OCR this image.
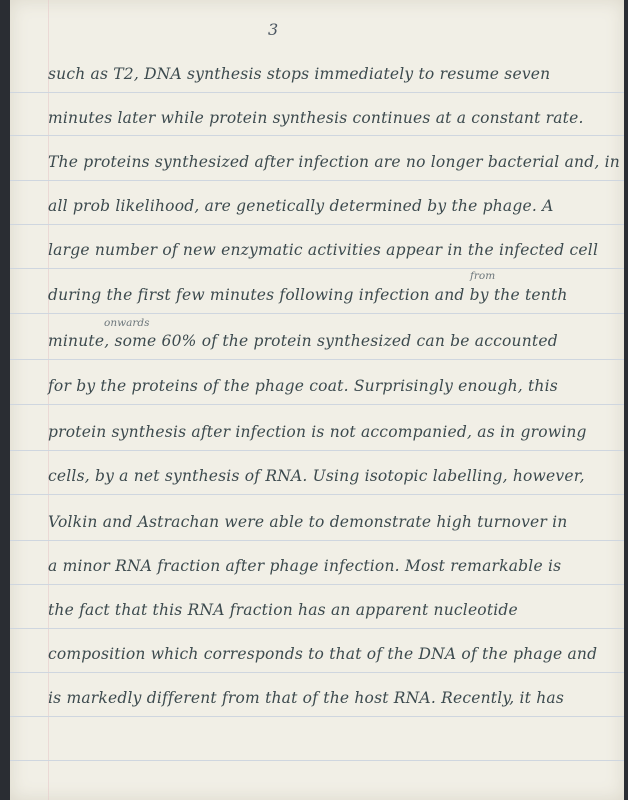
3
such as T2, DNA synthesis stops immediately to resume seven
minutes later while protein synthesis continues at a constant rate.
The proteins synthesized after infection are no longer bacterial and, in
all prob likelihood, are genetically determined by the phage. A
large number of new enzymatic activities appear in the infected cell
during the first few minutes following infection and by the tenth
minute, some 60% of the protein synthesized can be accounted
for by the proteins of the phage coat. Surprisingly enough, this
protein synthesis after infection is not accompanied, as in growing
cells, by a net synthesis of RNA. Using isotopic labelling, however,
Volkin and Astrachan were able to demonstrate high turnover in
a minor RNA fraction after phage infection. Most remarkable is
the fact that this RNA fraction has an apparent nucleotide
composition which corresponds to that of the DNA of the phage and
is markedly different from that of the host RNA. Recently, it has
from
onwards
